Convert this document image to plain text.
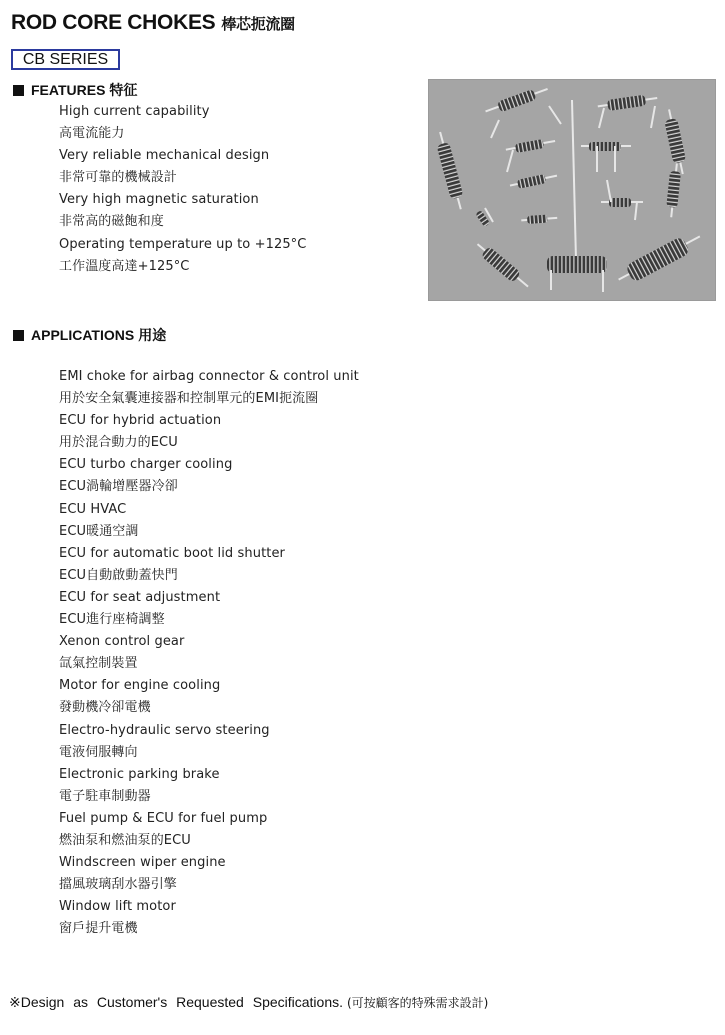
ROD CORE CHOKES 棒芯扼流圈
CB SERIES
FEATURES 特征
High current capability
高電流能力
Very reliable mechanical design
非常可靠的機械設計
Very high magnetic saturation
非常高的磁飽和度
Operating temperature up to +125°C
工作溫度高達+125°C
APPLICATIONS 用途
EMI choke for airbag connector & control unit
用於安全氣囊連接器和控制單元的EMI扼流圈
ECU for hybrid actuation
用於混合動力的ECU
ECU turbo charger cooling
ECU渦輪增壓器冷卻
ECU HVAC
ECU暖通空調
ECU for automatic boot lid shutter
ECU自動啟動蓋快門
ECU for seat adjustment
ECU進行座椅調整
Xenon control gear
氙氣控制裝置
Motor for engine cooling
發動機冷卻電機
Electro-hydraulic servo steering
電液伺服轉向
Electronic parking brake
電子駐車制動器
Fuel pump & ECU for fuel pump
燃油泵和燃油泵的ECU
Windscreen wiper engine
擋風玻璃刮水器引擎
Window lift motor
窗戶提升電機

※Design as Customer's Requested Specifications. (可按顧客的特殊需求設計)
